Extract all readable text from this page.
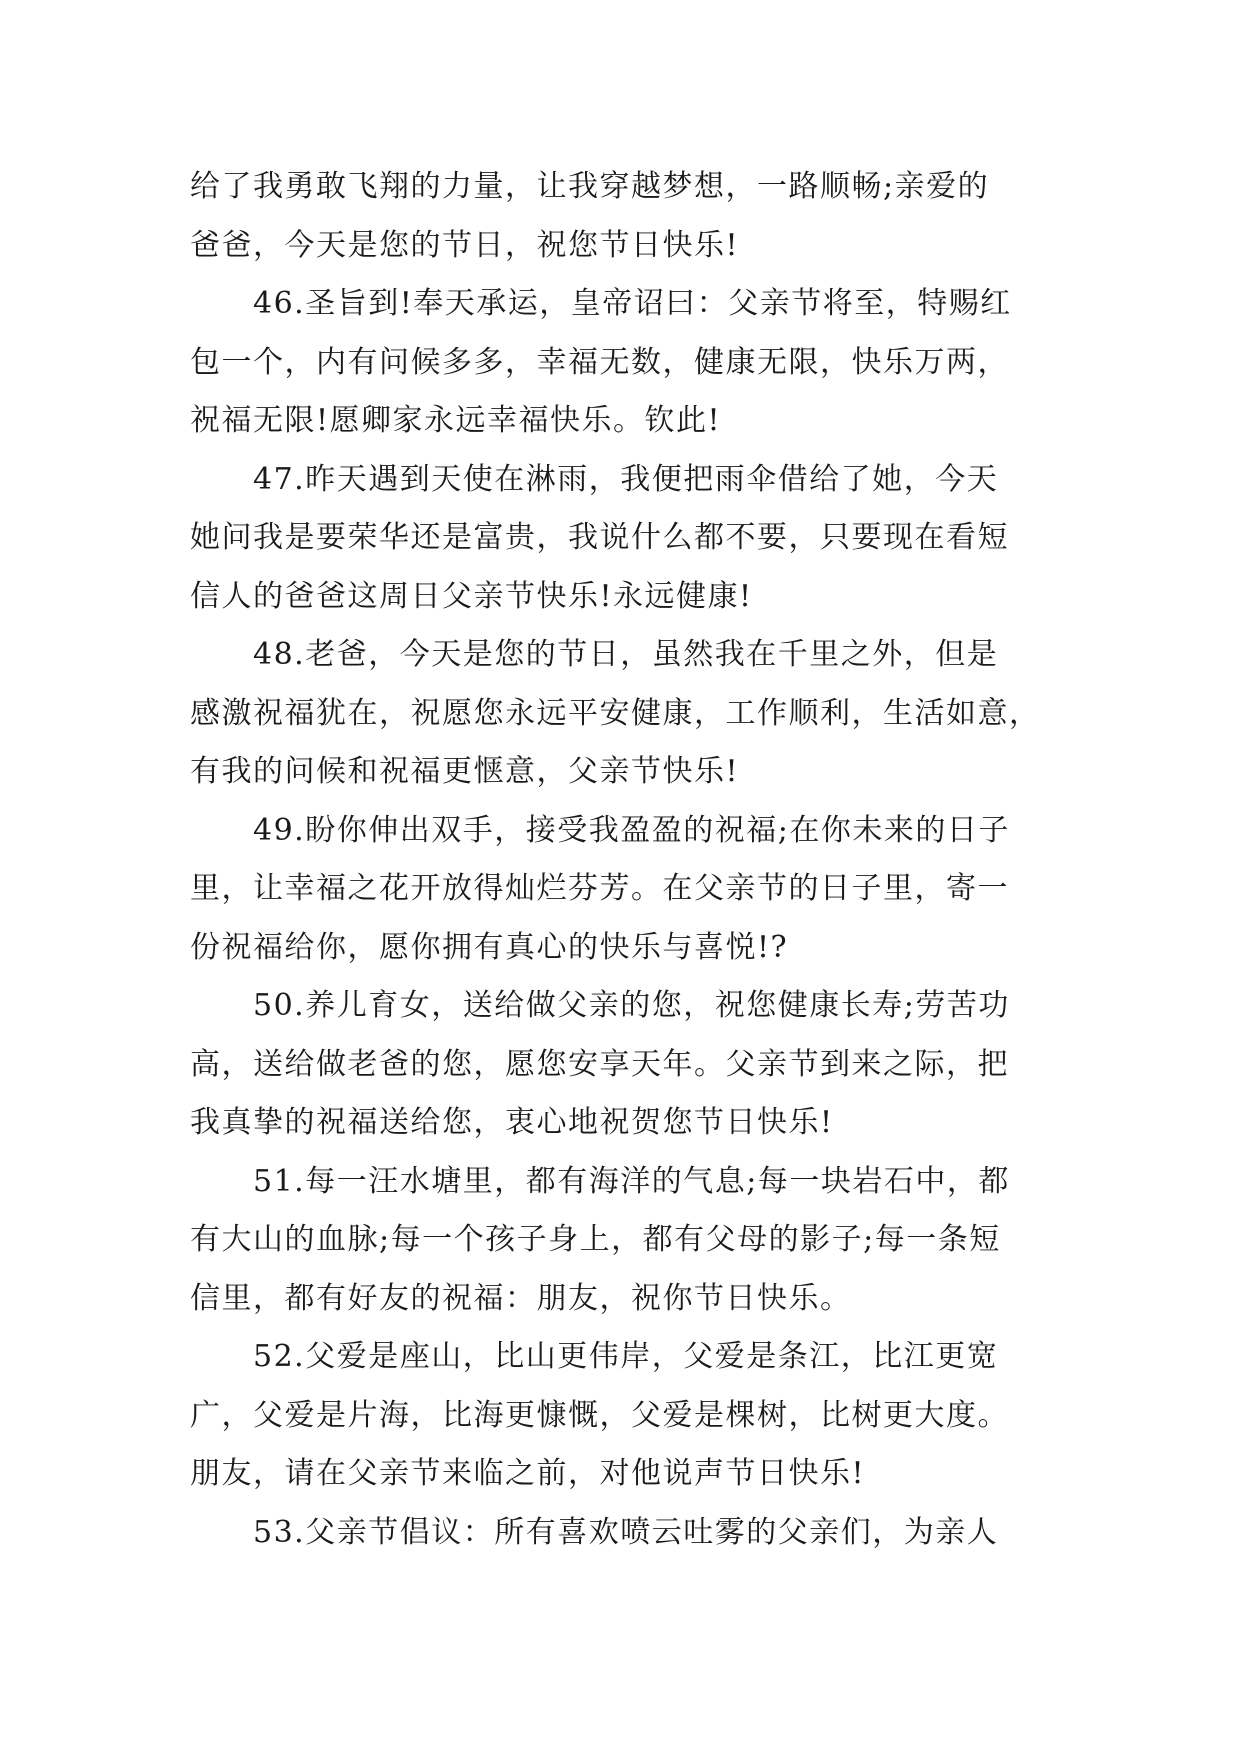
给了我勇敢飞翔的力量，让我穿越梦想，一路顺畅;亲爱的
爸爸，今天是您的节日，祝您节日快乐!
46.圣旨到!奉天承运，皇帝诏曰：父亲节将至，特赐红
包一个，内有问候多多，幸福无数，健康无限，快乐万两，
祝福无限!愿卿家永远幸福快乐。钦此!
47.昨天遇到天使在淋雨，我便把雨伞借给了她，今天
她问我是要荣华还是富贵，我说什么都不要，只要现在看短
信人的爸爸这周日父亲节快乐!永远健康!
48.老爸，今天是您的节日，虽然我在千里之外，但是
感激祝福犹在，祝愿您永远平安健康，工作顺利，生活如意，
有我的问候和祝福更惬意，父亲节快乐!
49.盼你伸出双手，接受我盈盈的祝福;在你未来的日子
里，让幸福之花开放得灿烂芬芳。在父亲节的日子里，寄一
份祝福给你，愿你拥有真心的快乐与喜悦!?
50.养儿育女，送给做父亲的您，祝您健康长寿;劳苦功
高，送给做老爸的您，愿您安享天年。父亲节到来之际，把
我真挚的祝福送给您，衷心地祝贺您节日快乐!
51.每一汪水塘里，都有海洋的气息;每一块岩石中，都
有大山的血脉;每一个孩子身上，都有父母的影子;每一条短
信里，都有好友的祝福：朋友，祝你节日快乐。
52.父爱是座山，比山更伟岸，父爱是条江，比江更宽
广，父爱是片海，比海更慷慨，父爱是棵树，比树更大度。
朋友，请在父亲节来临之前，对他说声节日快乐!
53.父亲节倡议：所有喜欢喷云吐雾的父亲们，为亲人
